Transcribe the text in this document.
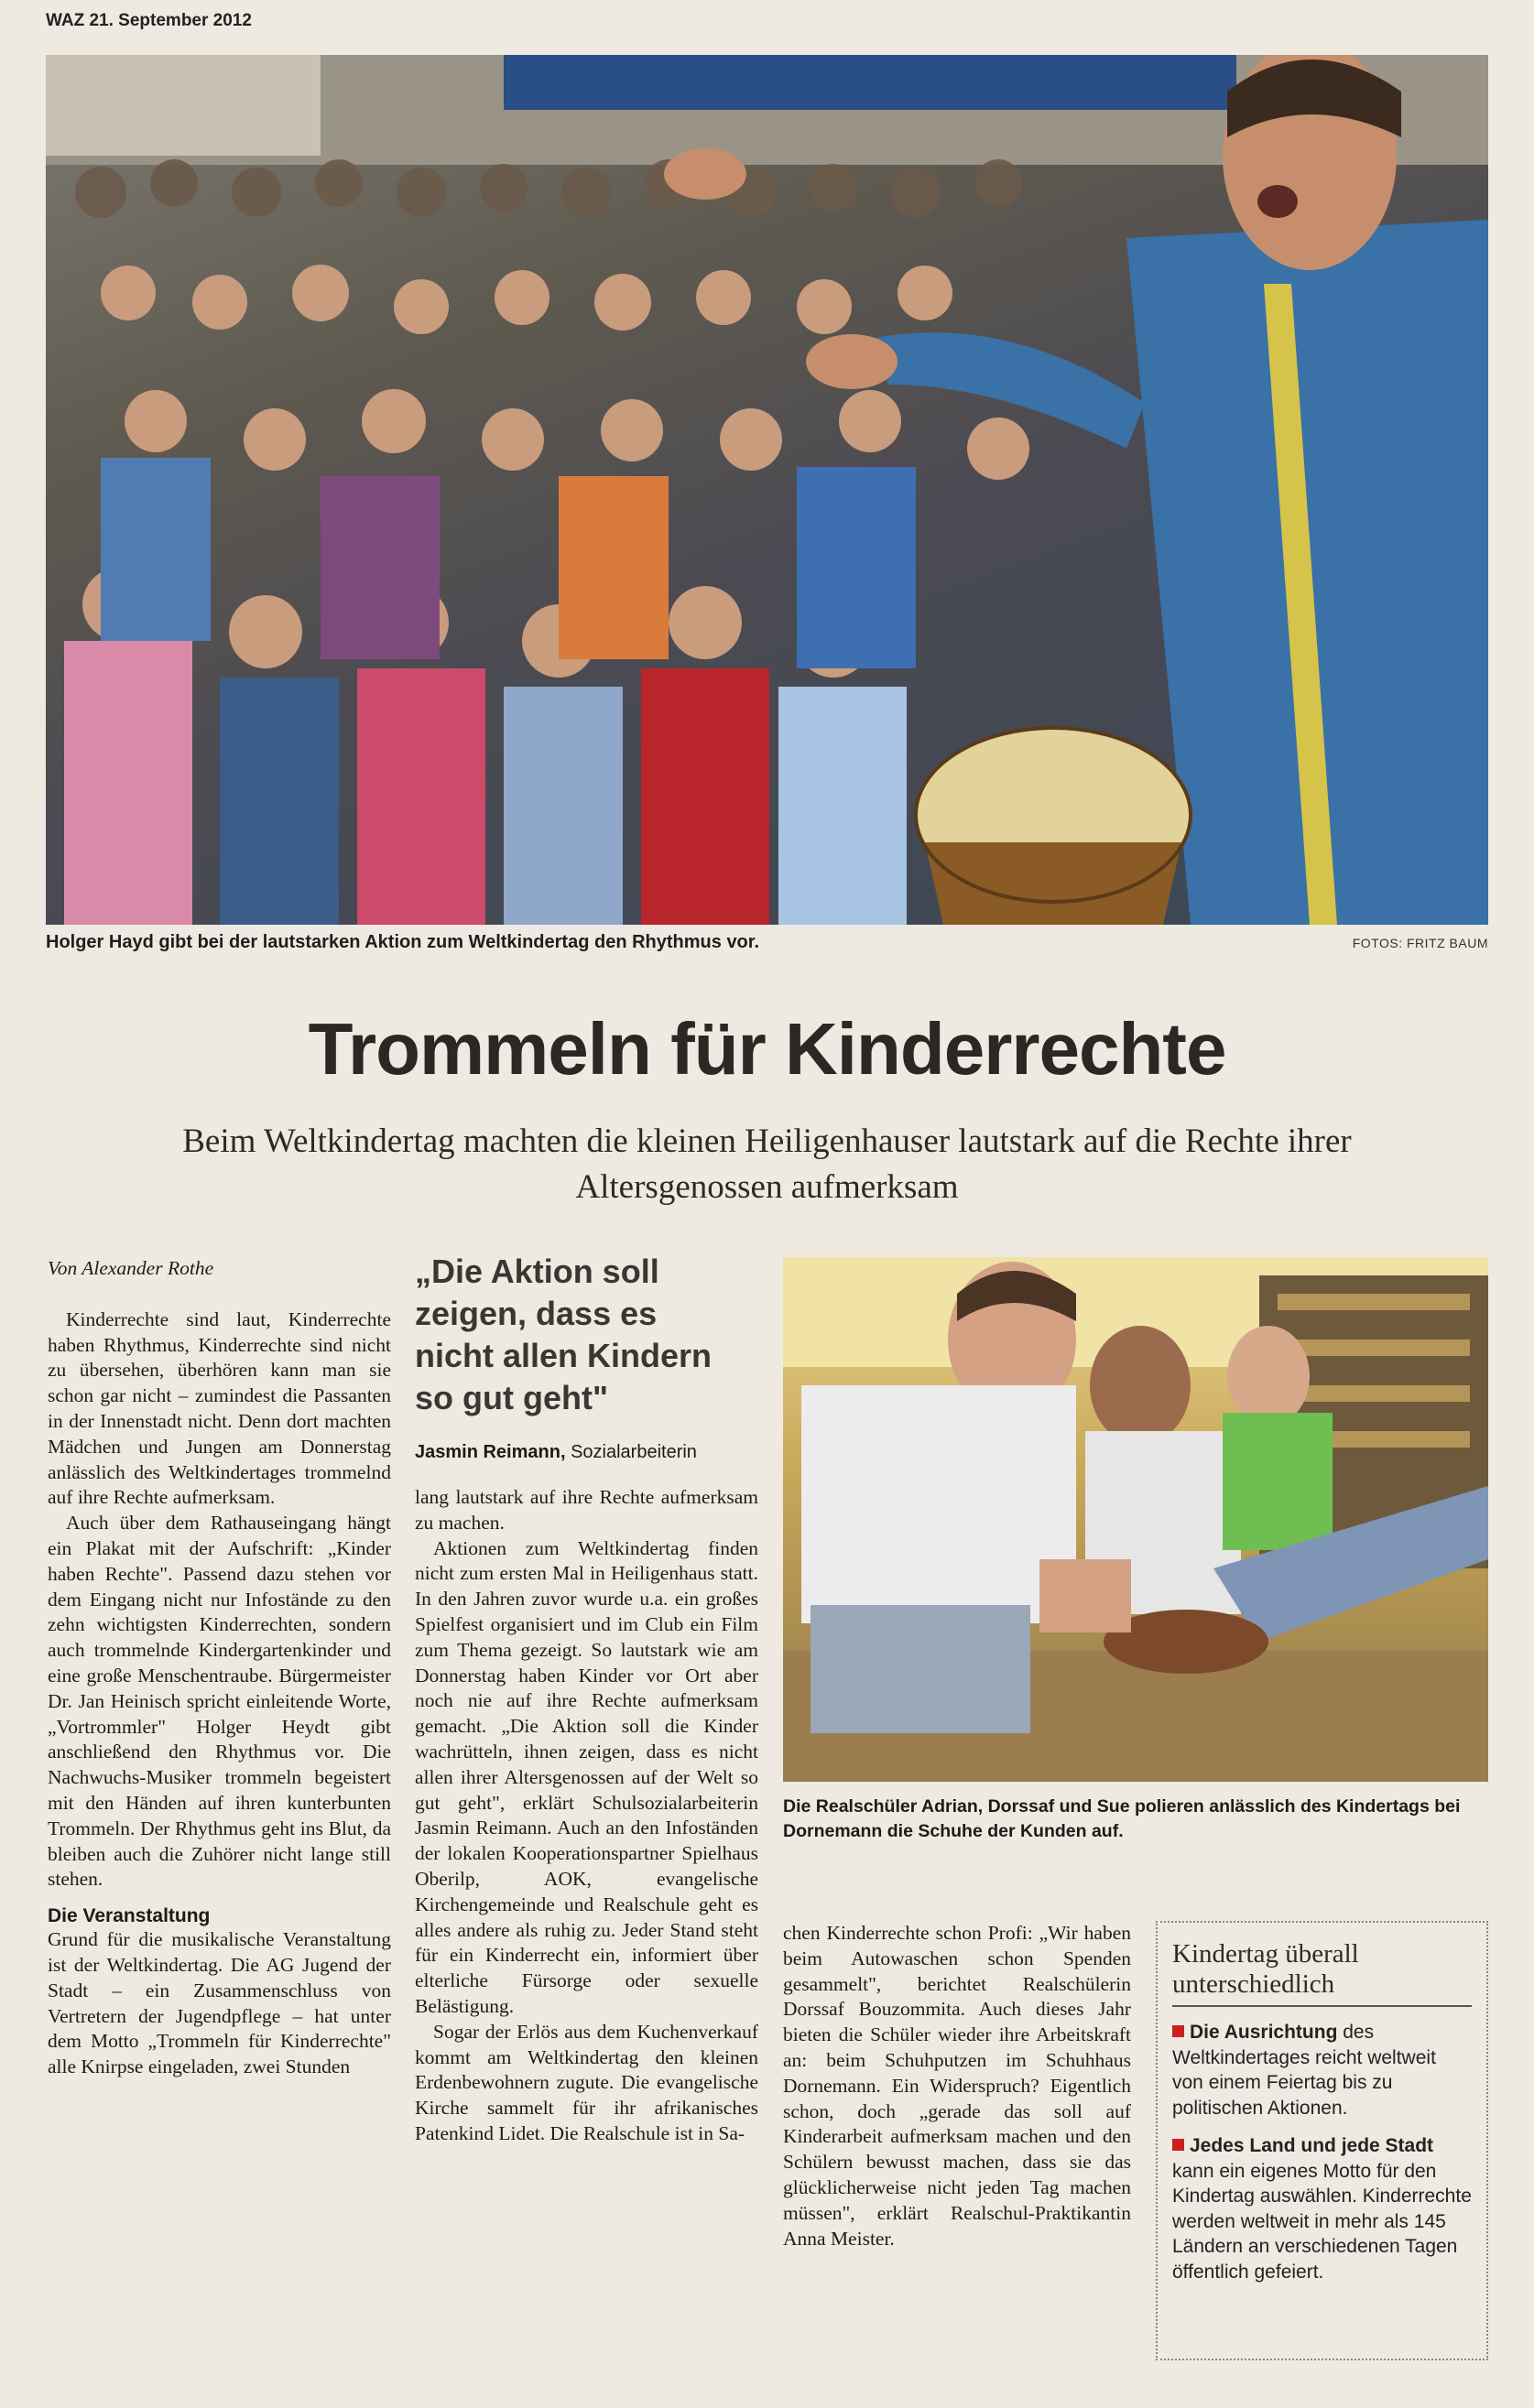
WAZ 21. September 2012
Holger Hayd gibt bei der lautstarken Aktion zum Weltkindertag den Rhythmus vor.	FOTOS: FRITZ BAUM
Trommeln für Kinderrechte
Beim Weltkindertag machten die kleinen Heiligenhauser lautstark auf die Rechte ihrer Altersgenossen aufmerksam

Von Alexander Rothe

Kinderrechte sind laut, Kinderrechte haben Rhythmus, Kinderrechte sind nicht zu übersehen, überhören kann man sie schon gar nicht – zumindest die Passanten in der Innenstadt nicht. Denn dort machten Mädchen und Jungen am Donnerstag anlässlich des Weltkindertages trommelnd auf ihre Rechte aufmerksam.

Auch über dem Rathauseingang hängt ein Plakat mit der Aufschrift: „Kinder haben Rechte". Passend dazu stehen vor dem Eingang nicht nur Infostände zu den zehn wichtigsten Kinderrechten, sondern auch trommelnde Kindergartenkinder und eine große Menschentraube. Bürgermeister Dr. Jan Heinisch spricht einleitende Worte, „Vortrommler" Holger Heydt gibt anschließend den Rhythmus vor. Die Nachwuchs-Musiker trommeln begeistert mit den Händen auf ihren kunterbunten Trommeln. Der Rhythmus geht ins Blut, da bleiben auch die Zuhörer nicht lange still stehen.

Die Veranstaltung

Grund für die musikalische Veranstaltung ist der Weltkindertag. Die AG Jugend der Stadt – ein Zusammenschluss von Vertretern der Jugendpflege – hat unter dem Motto „Trommeln für Kinderrechte" alle Knirpse eingeladen, zwei Stunden

„Die Aktion soll zeigen, dass es nicht allen Kindern so gut geht"
Jasmin Reimann, Sozialarbeiterin

lang lautstark auf ihre Rechte aufmerksam zu machen.

Aktionen zum Weltkindertag finden nicht zum ersten Mal in Heiligenhaus statt. In den Jahren zuvor wurde u.a. ein großes Spielfest organisiert und im Club ein Film zum Thema gezeigt. So lautstark wie am Donnerstag haben Kinder vor Ort aber noch nie auf ihre Rechte aufmerksam gemacht. „Die Aktion soll die Kinder wachrütteln, ihnen zeigen, dass es nicht allen ihrer Altersgenossen auf der Welt so gut geht", erklärt Schulsozialarbeiterin Jasmin Reimann. Auch an den Infoständen der lokalen Kooperationspartner Spielhaus Oberilp, AOK, evangelische Kirchengemeinde und Realschule geht es alles andere als ruhig zu. Jeder Stand steht für ein Kinderrecht ein, informiert über elterliche Fürsorge oder sexuelle Belästigung.

Sogar der Erlös aus dem Kuchenverkauf kommt am Weltkindertag den kleinen Erdenbewohnern zugute. Die evangelische Kirche sammelt für ihr afrikanisches Patenkind Lidet. Die Realschule ist in Sa-

Die Realschüler Adrian, Dorssaf und Sue polieren anlässlich des Kindertags bei Dornemann die Schuhe der Kunden auf.

chen Kinderrechte schon Profi: „Wir haben beim Autowaschen schon Spenden gesammelt", berichtet Realschülerin Dorssaf Bouzommita. Auch dieses Jahr bieten die Schüler wieder ihre Arbeitskraft an: beim Schuhputzen im Schuhhaus Dornemann. Ein Widerspruch? Eigentlich schon, doch „gerade das soll auf Kinderarbeit aufmerksam machen und den Schülern bewusst machen, dass sie das glücklicherweise nicht jeden Tag machen müssen", erklärt Realschul-Praktikantin Anna Meister.

Kindertag überall unterschiedlich

Die Ausrichtung des Weltkindertages reicht weltweit von einem Feiertag bis zu politischen Aktionen.

Jedes Land und jede Stadt kann ein eigenes Motto für den Kindertag auswählen. Kinderrechte werden weltweit in mehr als 145 Ländern an verschiedenen Tagen öffentlich gefeiert.
